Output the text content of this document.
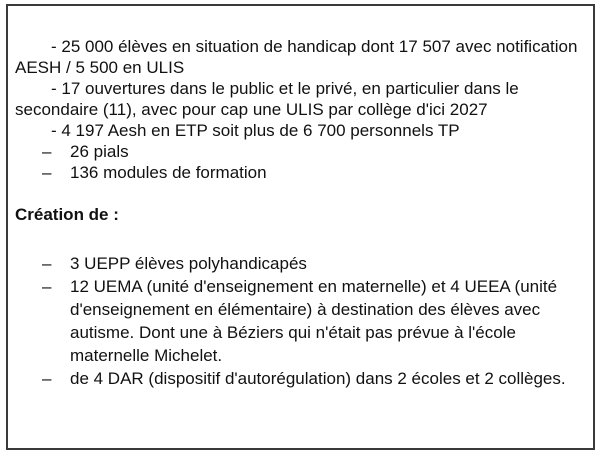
- 25 000 élèves en situation de handicap dont 17 507 avec notification AESH / 5 500 en ULIS

- 17 ouvertures dans le public et le privé, en particulier dans le secondaire (11), avec pour cap une ULIS par collège d'ici 2027

- 4 197 Aesh en ETP soit plus de 6 700 personnels TP

– 26 pials
– 136 modules de formation

Création de :

– 3 UEPP élèves polyhandicapés
– 12 UEMA (unité d'enseignement en maternelle) et 4 UEEA (unité d'enseignement en élémentaire) à destination des élèves avec autisme. Dont une à Béziers qui n'était pas prévue à l'école maternelle Michelet.
– de 4 DAR (dispositif d'autorégulation) dans 2 écoles et 2 collèges.
